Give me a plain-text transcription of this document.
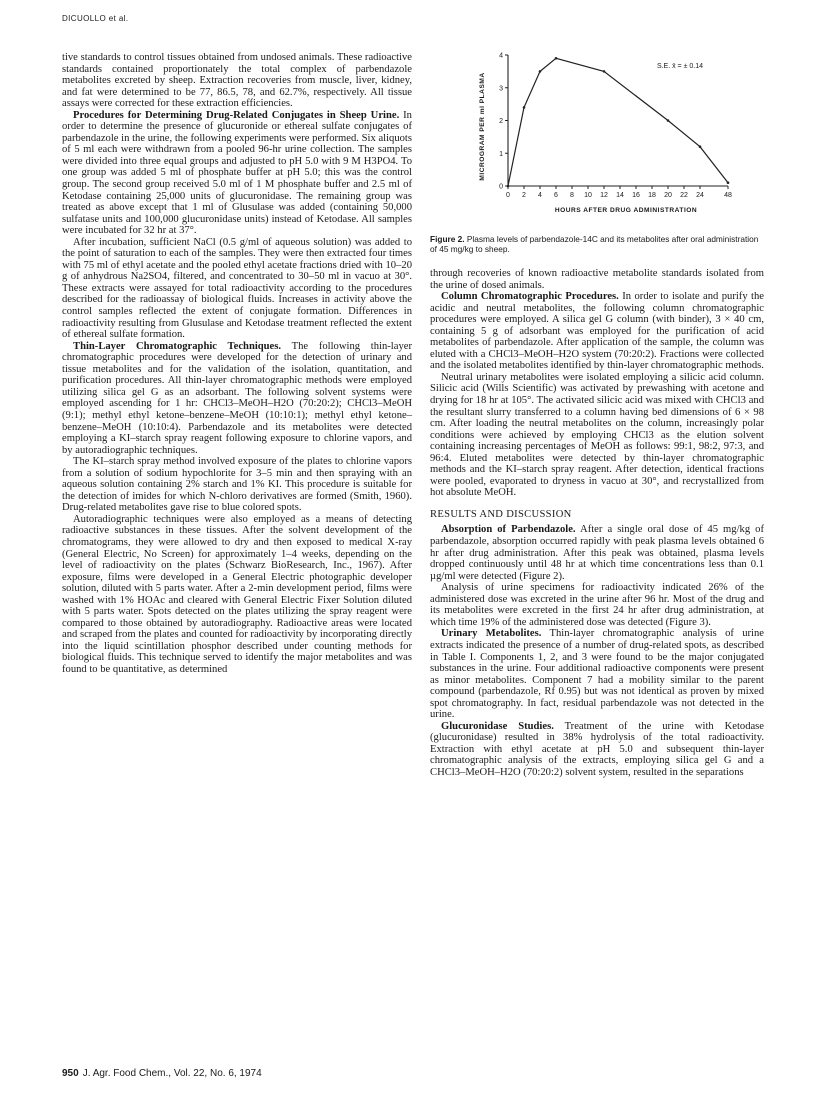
DICUOLLO et al.

tive standards to control tissues obtained from undosed animals. These radioactive standards contained proportionately the total complex of parbendazole metabolites excreted by sheep. Extraction recoveries from muscle, liver, kidney, and fat were determined to be 77, 86.5, 78, and 62.7%, respectively. All tissue assays were corrected for these extraction efficiencies.

Procedures for Determining Drug-Related Conjugates in Sheep Urine. In order to determine the presence of glucuronide or ethereal sulfate conjugates of parbendazole in the urine, the following experiments were performed. Six aliquots of 5 ml each were withdrawn from a pooled 96-hr urine collection. The samples were divided into three equal groups and adjusted to pH 5.0 with 9 M H3PO4. To one group was added 5 ml of phosphate buffer at pH 5.0; this was the control group. The second group received 5.0 ml of 1 M phosphate buffer and 2.5 ml of Ketodase containing 25,000 units of glucuronidase. The remaining group was treated as above except that 1 ml of Glusulase was added (containing 50,000 sulfatase units and 100,000 glucuronidase units) instead of Ketodase. All samples were incubated for 32 hr at 37°.

After incubation, sufficient NaCl (0.5 g/ml of aqueous solution) was added to the point of saturation to each of the samples. They were then extracted four times with 75 ml of ethyl acetate and the pooled ethyl acetate fractions dried with 10–20 g of anhydrous Na2SO4, filtered, and concentrated to 30–50 ml in vacuo at 30°. These extracts were assayed for total radioactivity according to the procedures described for the radioassay of biological fluids. Increases in activity above the control samples reflected the extent of conjugate formation. Differences in radioactivity resulting from Glusulase and Ketodase treatment reflected the extent of ethereal sulfate formation.

Thin-Layer Chromatographic Techniques. The following thin-layer chromatographic procedures were developed for the detection of urinary and tissue metabolites and for the validation of the isolation, quantitation, and purification procedures. All thin-layer chromatographic methods were employed utilizing silica gel G as an adsorbant. The following solvent systems were employed ascending for 1 hr: CHCl3–MeOH–H2O (70:20:2); CHCl3–MeOH (9:1); methyl ethyl ketone–benzene–MeOH (10:10:1); methyl ethyl ketone–benzene–MeOH (10:10:4). Parbendazole and its metabolites were detected employing a KI–starch spray reagent following exposure to chlorine vapors, and by autoradiographic techniques.

The KI–starch spray method involved exposure of the plates to chlorine vapors from a solution of sodium hypochlorite for 3–5 min and then spraying with an aqueous solution containing 2% starch and 1% KI. This procedure is suitable for the detection of imides for which N-chloro derivatives are formed (Smith, 1960). Drug-related metabolites gave rise to blue colored spots.

Autoradiographic techniques were also employed as a means of detecting radioactive substances in these tissues. After the solvent development of the chromatograms, they were allowed to dry and then exposed to medical X-ray (General Electric, No Screen) for approximately 1–4 weeks, depending on the level of radioactivity on the plates (Schwarz BioResearch, Inc., 1967). After exposure, films were developed in a General Electric photographic developer solution, diluted with 5 parts water. After a 2-min development period, films were washed with 1% HOAc and cleared with General Electric Fixer Solution diluted with 5 parts water. Spots detected on the plates utilizing the spray reagent were compared to those obtained by autoradiography. Radioactive areas were located and scraped from the plates and counted for radioactivity by incorporating directly into the liquid scintillation phosphor described under counting methods for biological fluids. This technique served to identify the major metabolites and was found to be quantitative, as determined

0
1
2
3
4
0 2 4 6 8 10 12 14 16 18 20 22 24	48
HOURS AFTER DRUG ADMINISTRATION
MICROGRAM PER ml PLASMA
S.E. x̄ = ± 0.14
Figure 2. Plasma levels of parbendazole-14C and its metabolites after oral administration of 45 mg/kg to sheep.

through recoveries of known radioactive metabolite standards isolated from the urine of dosed animals.

Column Chromatographic Procedures. In order to isolate and purify the acidic and neutral metabolites, the following column chromatographic procedures were employed. A silica gel G column (with binder), 3 × 40 cm, containing 5 g of adsorbant was employed for the purification of acid metabolites of parbendazole. After application of the sample, the column was eluted with a CHCl3–MeOH–H2O system (70:20:2). Fractions were collected and the isolated metabolites identified by thin-layer chromatographic methods.

Neutral urinary metabolites were isolated employing a silicic acid column. Silicic acid (Wills Scientific) was activated by prewashing with acetone and drying for 18 hr at 105°. The activated silicic acid was mixed with CHCl3 and the resultant slurry transferred to a column having bed dimensions of 6 × 98 cm. After loading the neutral metabolites on the column, increasingly polar conditions were achieved by employing CHCl3 as the elution solvent containing increasing percentages of MeOH as follows: 99:1, 98:2, 97:3, and 96:4. Eluted metabolites were detected by thin-layer chromatographic methods and the KI–starch spray reagent. After detection, identical fractions were pooled, evaporated to dryness in vacuo at 30°, and recrystallized from hot absolute MeOH.

RESULTS AND DISCUSSION

Absorption of Parbendazole. After a single oral dose of 45 mg/kg of parbendazole, absorption occurred rapidly with peak plasma levels obtained 6 hr after drug administration. After this peak was obtained, plasma levels dropped continuously until 48 hr at which time concentrations less than 0.1 µg/ml were detected (Figure 2).

Analysis of urine specimens for radioactivity indicated 26% of the administered dose was excreted in the urine after 96 hr. Most of the drug and its metabolites were excreted in the first 24 hr after drug administration, at which time 19% of the administered dose was detected (Figure 3).

Urinary Metabolites. Thin-layer chromatographic analysis of urine extracts indicated the presence of a number of drug-related spots, as described in Table I. Components 1, 2, and 3 were found to be the major conjugated substances in the urine. Four additional radioactive components were present as minor metabolites. Component 7 had a mobility similar to the parent compound (parbendazole, Rf 0.95) but was not identical as proven by mixed spot chromatography. In fact, residual parbendazole was not detected in the urine.

Glucuronidase Studies. Treatment of the urine with Ketodase (glucuronidase) resulted in 38% hydrolysis of the total radioactivity. Extraction with ethyl acetate at pH 5.0 and subsequent thin-layer chromatographic analysis of the extracts, employing silica gel G and a CHCl3–MeOH–H2O (70:20:2) solvent system, resulted in the separations

950 J. Agr. Food Chem., Vol. 22, No. 6, 1974
